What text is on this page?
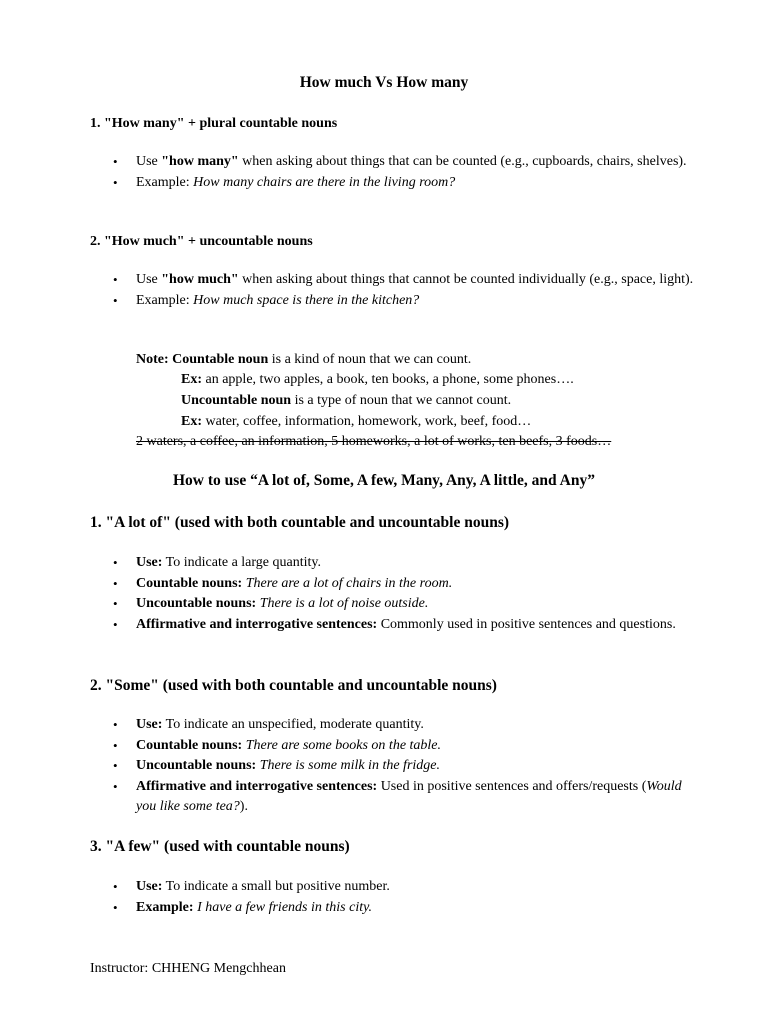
How much Vs How many
1. "How many" + plural countable nouns
• Use "how many" when asking about things that can be counted (e.g., cupboards, chairs, shelves).
• Example: How many chairs are there in the living room?
2. "How much" + uncountable nouns
• Use "how much" when asking about things that cannot be counted individually (e.g., space, light).
• Example: How much space is there in the kitchen?
Note: Countable noun is a kind of noun that we can count.
Ex: an apple, two apples, a book, ten books, a phone, some phones….
Uncountable noun is a type of noun that we cannot count.
Ex: water, coffee, information, homework, work, beef, food…
2 waters, a coffee, an information, 5 homeworks, a lot of works, ten beefs, 3 foods…
How to use “A lot of, Some, A few, Many, Any, A little, and Any”
1. "A lot of" (used with both countable and uncountable nouns)
• Use: To indicate a large quantity.
• Countable nouns: There are a lot of chairs in the room.
• Uncountable nouns: There is a lot of noise outside.
• Affirmative and interrogative sentences: Commonly used in positive sentences and questions.
2. "Some" (used with both countable and uncountable nouns)
• Use: To indicate an unspecified, moderate quantity.
• Countable nouns: There are some books on the table.
• Uncountable nouns: There is some milk in the fridge.
• Affirmative and interrogative sentences: Used in positive sentences and offers/requests (Would you like some tea?).
3. "A few" (used with countable nouns)
• Use: To indicate a small but positive number.
• Example: I have a few friends in this city.
Instructor: CHHENG Mengchhean
